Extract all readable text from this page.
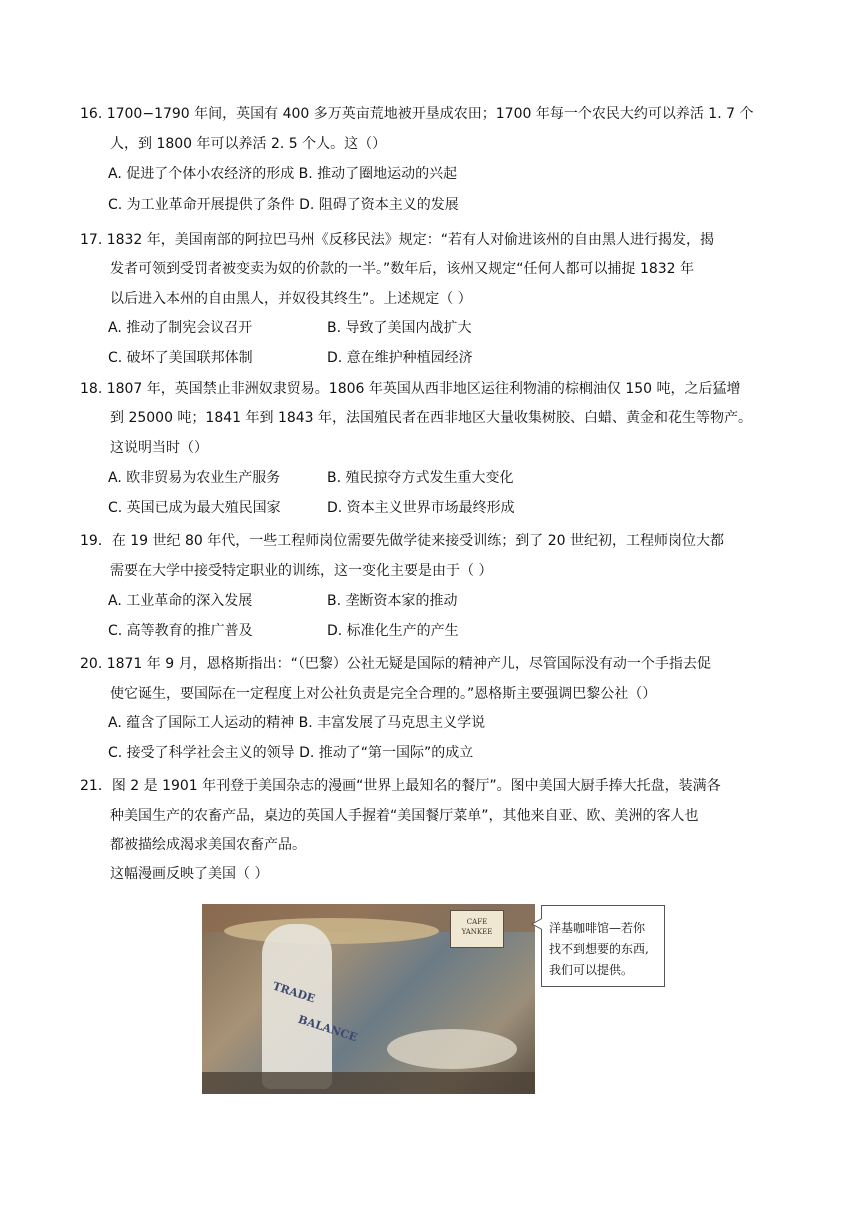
16. 1700−1790 年间，英国有 400 多万英亩荒地被开垦成农田；1700 年每一个农民大约可以养活 1. 7 个
人，到 1800 年可以养活 2. 5 个人。这（）
A. 促进了个体小农经济的形成 B. 推动了圈地运动的兴起
C. 为工业革命开展提供了条件 D. 阻碍了资本主义的发展
17. 1832 年，美国南部的阿拉巴马州《反移民法》规定：“若有人对偷进该州的自由黑人进行揭发，揭
发者可领到受罚者被变卖为奴的价款的一半。”数年后，该州又规定“任何人都可以捕捉 1832 年
以后进入本州的自由黑人，并奴役其终生”。上述规定（ ）
A. 推动了制宪会议召开	B. 导致了美国内战扩大
C. 破坏了美国联邦体制	D. 意在维护种植园经济
18. 1807 年，英国禁止非洲奴隶贸易。1806 年英国从西非地区运往利物浦的棕榈油仅 150 吨，之后猛增
到 25000 吨；1841 年到 1843 年，法国殖民者在西非地区大量收集树胶、白蜡、黄金和花生等物产。
这说明当时（）
A. 欧非贸易为农业生产服务	B. 殖民掠夺方式发生重大变化
C. 英国已成为最大殖民国家	D. 资本主义世界市场最终形成
19．在 19 世纪 80 年代，一些工程师岗位需要先做学徒来接受训练；到了 20 世纪初，工程师岗位大都
需要在大学中接受特定职业的训练，这一变化主要是由于（ ）
A. 工业革命的深入发展	B. 垄断资本家的推动
C. 高等教育的推广普及	D. 标准化生产的产生
20. 1871 年 9 月，恩格斯指出：“（巴黎）公社无疑是国际的精神产儿，尽管国际没有动一个手指去促
使它诞生，要国际在一定程度上对公社负责是完全合理的。”恩格斯主要强调巴黎公社（）
A. 蕴含了国际工人运动的精神 B. 丰富发展了马克思主义学说
C. 接受了科学社会主义的领导 D. 推动了“第一国际”的成立
21．图 2 是 1901 年刊登于美国杂志的漫画“世界上最知名的餐厅”。图中美国大厨手捧大托盘，装满各
种美国生产的农畜产品，桌边的英国人手握着“美国餐厅菜单”，其他来自亚、欧、美洲的客人也
都被描绘成渴求美国农畜产品。
这幅漫画反映了美国（ ）
CAFE YANKEE
TRADE
BALANCE
洋基咖啡馆—若你
找不到想要的东西,
我们可以提供。
